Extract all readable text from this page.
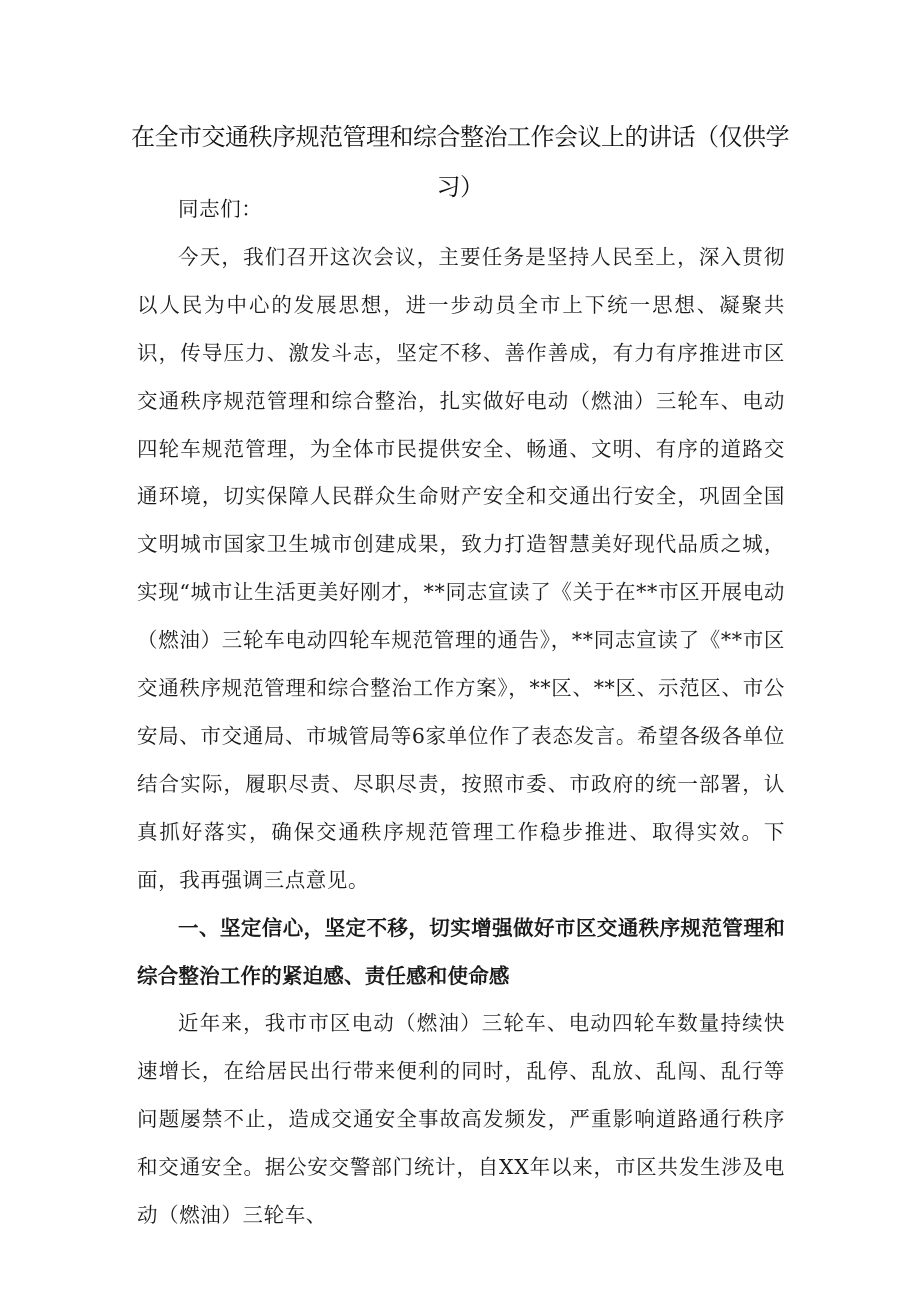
在全市交通秩序规范管理和综合整治工作会议上的讲话（仅供学习）

同志们：

今天，我们召开这次会议，主要任务是坚持人民至上，深入贯彻以人民为中心的发展思想，进一步动员全市上下统一思想、凝聚共识，传导压力、激发斗志，坚定不移、善作善成，有力有序推进市区交通秩序规范管理和综合整治，扎实做好电动（燃油）三轮车、电动四轮车规范管理，为全体市民提供安全、畅通、文明、有序的道路交通环境，切实保障人民群众生命财产安全和交通出行安全，巩固全国文明城市国家卫生城市创建成果，致力打造智慧美好现代品质之城，实现“城市让生活更美好刚才，**同志宣读了《关于在**市区开展电动（燃油）三轮车电动四轮车规范管理的通告》，**同志宣读了《**市区交通秩序规范管理和综合整治工作方案》，**区、**区、示范区、市公安局、市交通局、市城管局等6家单位作了表态发言。希望各级各单位结合实际，履职尽责、尽职尽责，按照市委、市政府的统一部署，认真抓好落实，确保交通秩序规范管理工作稳步推进、取得实效。下面，我再强调三点意见。

一、坚定信心，坚定不移，切实增强做好市区交通秩序规范管理和综合整治工作的紧迫感、责任感和使命感

近年来，我市市区电动（燃油）三轮车、电动四轮车数量持续快速增长，在给居民出行带来便利的同时，乱停、乱放、乱闯、乱行等问题屡禁不止，造成交通安全事故高发频发，严重影响道路通行秩序和交通安全。据公安交警部门统计，自XX年以来，市区共发生涉及电动（燃油）三轮车、
